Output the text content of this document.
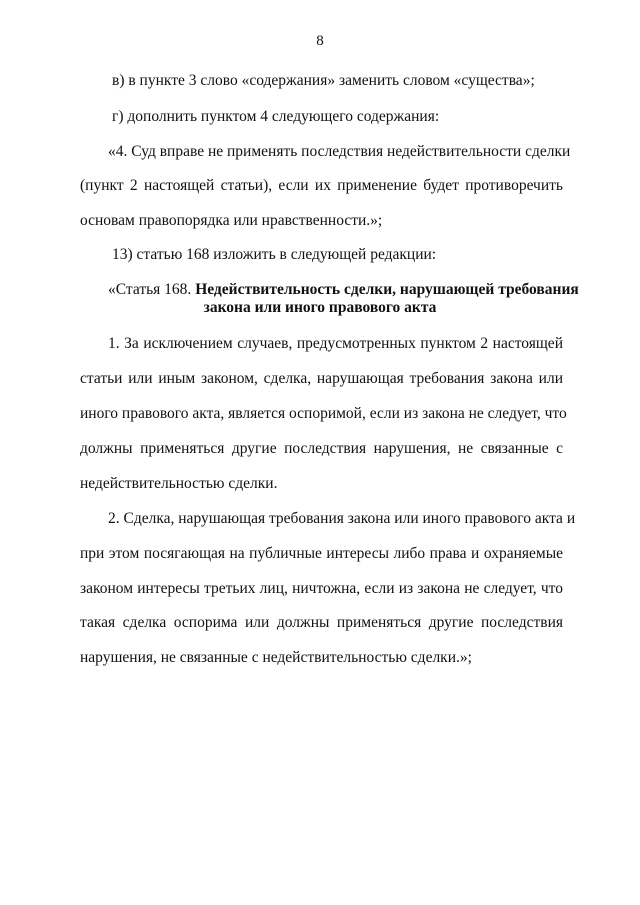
8
в) в пункте 3 слово «содержания» заменить словом «существа»;
г) дополнить пунктом 4 следующего содержания:
«4. Суд вправе не применять последствия недействительности сделки
(пункт 2 настоящей статьи), если их применение будет противоречить
основам правопорядка или нравственности.»;
13) статью 168 изложить в следующей редакции:
«Статья 168. Недействительность сделки, нарушающей требования
закона или иного правового акта
1. За исключением случаев, предусмотренных пунктом 2 настоящей
статьи или иным законом, сделка, нарушающая требования закона или
иного правового акта, является оспоримой, если из закона не следует, что
должны применяться другие последствия нарушения, не связанные с
недействительностью сделки.
2. Сделка, нарушающая требования закона или иного правового акта и
при этом посягающая на публичные интересы либо права и охраняемые
законом интересы третьих лиц, ничтожна, если из закона не следует, что
такая сделка оспорима или должны применяться другие последствия
нарушения, не связанные с недействительностью сделки.»;
